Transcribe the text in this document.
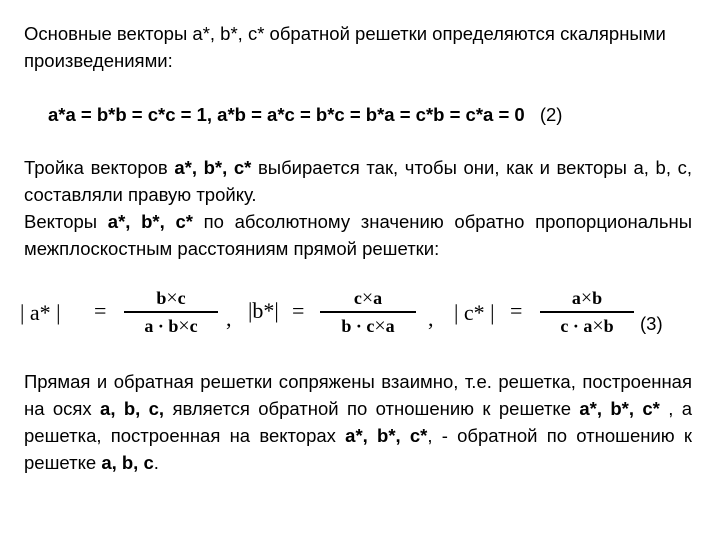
Основные векторы a*, b*, c* обратной решетки определяются скалярными произведениями:

a*a = b*b = c*c = 1, a*b = a*c = b*c = b*a = c*b = c*a = 0 (2)

Тройка векторов a*, b*, c* выбирается так, чтобы они, как и векторы a, b, c, составляли правую тройку.

Векторы a*, b*, c* по абсолютному значению обратно пропорциональны межплоскостным расстояниям прямой решетки:

| a* | =	b×c
a · b×c	, |b*| =	c×a
b · c×a	, | c* | =	a×b
c · a×b	(3)

Прямая и обратная решетки сопряжены взаимно, т.е. решетка, построенная на осях a, b, c, является обратной по отношению к решетке a*, b*, c* , а решетка, построенная на векторах a*, b*, c*, - обратной по отношению к решетке a, b, c.
